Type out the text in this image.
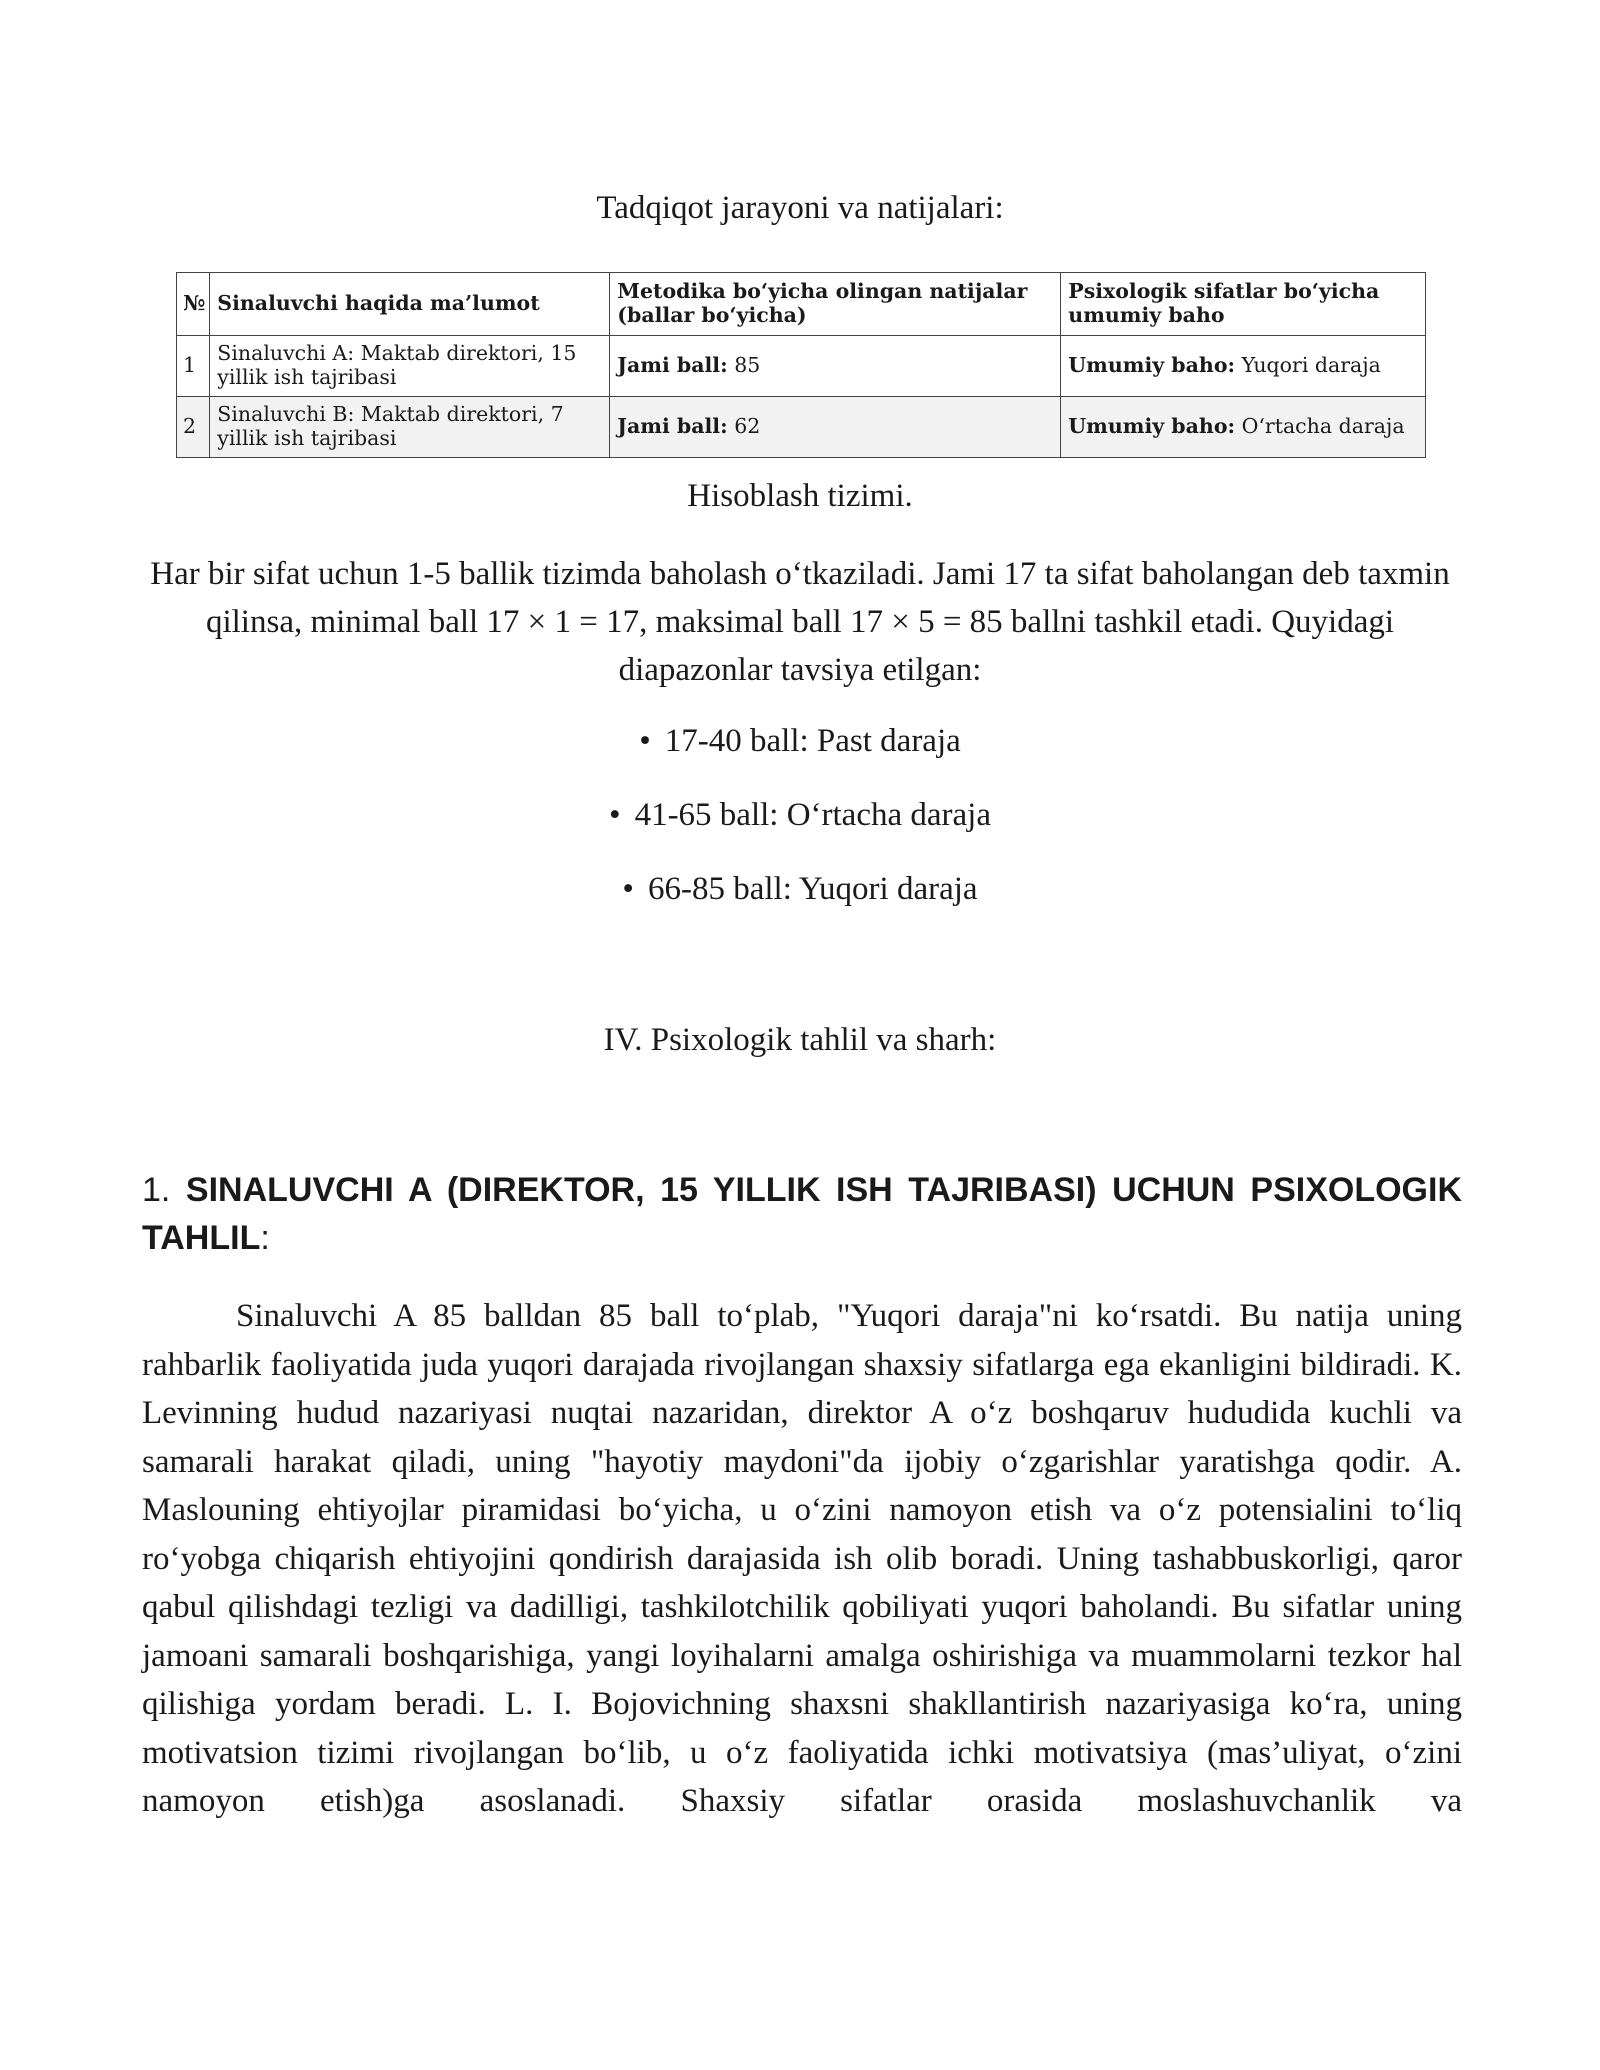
Tadqiqot jarayoni va natijalari:
№	Sinaluvchi haqida ma’lumot	Metodika bo‘yicha olingan natijalar (ballar bo‘yicha)	Psixologik sifatlar bo‘yicha umumiy baho
1	Sinaluvchi A: Maktab direktori, 15 yillik ish tajribasi	Jami ball: 85	Umumiy baho: Yuqori daraja
2	Sinaluvchi B: Maktab direktori, 7 yillik ish tajribasi	Jami ball: 62	Umumiy baho: O‘rtacha daraja
Hisoblash tizimi.
Har bir sifat uchun 1-5 ballik tizimda baholash o‘tkaziladi. Jami 17 ta sifat baholangan deb taxmin qilinsa, minimal ball 17 × 1 = 17, maksimal ball 17 × 5 = 85 ballni tashkil etadi. Quyidagi diapazonlar tavsiya etilgan:
• 17-40 ball: Past daraja
• 41-65 ball: O‘rtacha daraja
• 66-85 ball: Yuqori daraja
IV. Psixologik tahlil va sharh:
1. SINALUVCHI A (DIREKTOR, 15 YILLIK ISH TAJRIBASI) UCHUN PSIXOLOGIK TAHLIL:
Sinaluvchi A 85 balldan 85 ball to‘plab, "Yuqori daraja"ni ko‘rsatdi. Bu natija uning rahbarlik faoliyatida juda yuqori darajada rivojlangan shaxsiy sifatlarga ega ekanligini bildiradi. K. Levinning hudud nazariyasi nuqtai nazaridan, direktor A o‘z boshqaruv hududida kuchli va samarali harakat qiladi, uning "hayotiy maydoni"da ijobiy o‘zgarishlar yaratishga qodir. A. Maslouning ehtiyojlar piramidasi bo‘yicha, u o‘zini namoyon etish va o‘z potensialini to‘liq ro‘yobga chiqarish ehtiyojini qondirish darajasida ish olib boradi. Uning tashabbuskorligi, qaror qabul qilishdagi tezligi va dadilligi, tashkilotchilik qobiliyati yuqori baholandi. Bu sifatlar uning jamoani samarali boshqarishiga, yangi loyihalarni amalga oshirishiga va muammolarni tezkor hal qilishiga yordam beradi. L. I. Bojovichning shaxsni shakllantirish nazariyasiga ko‘ra, uning motivatsion tizimi rivojlangan bo‘lib, u o‘z faoliyatida ichki motivatsiya (mas’uliyat, o‘zini namoyon etish)ga asoslanadi. Shaxsiy sifatlar orasida moslashuvchanlik va
